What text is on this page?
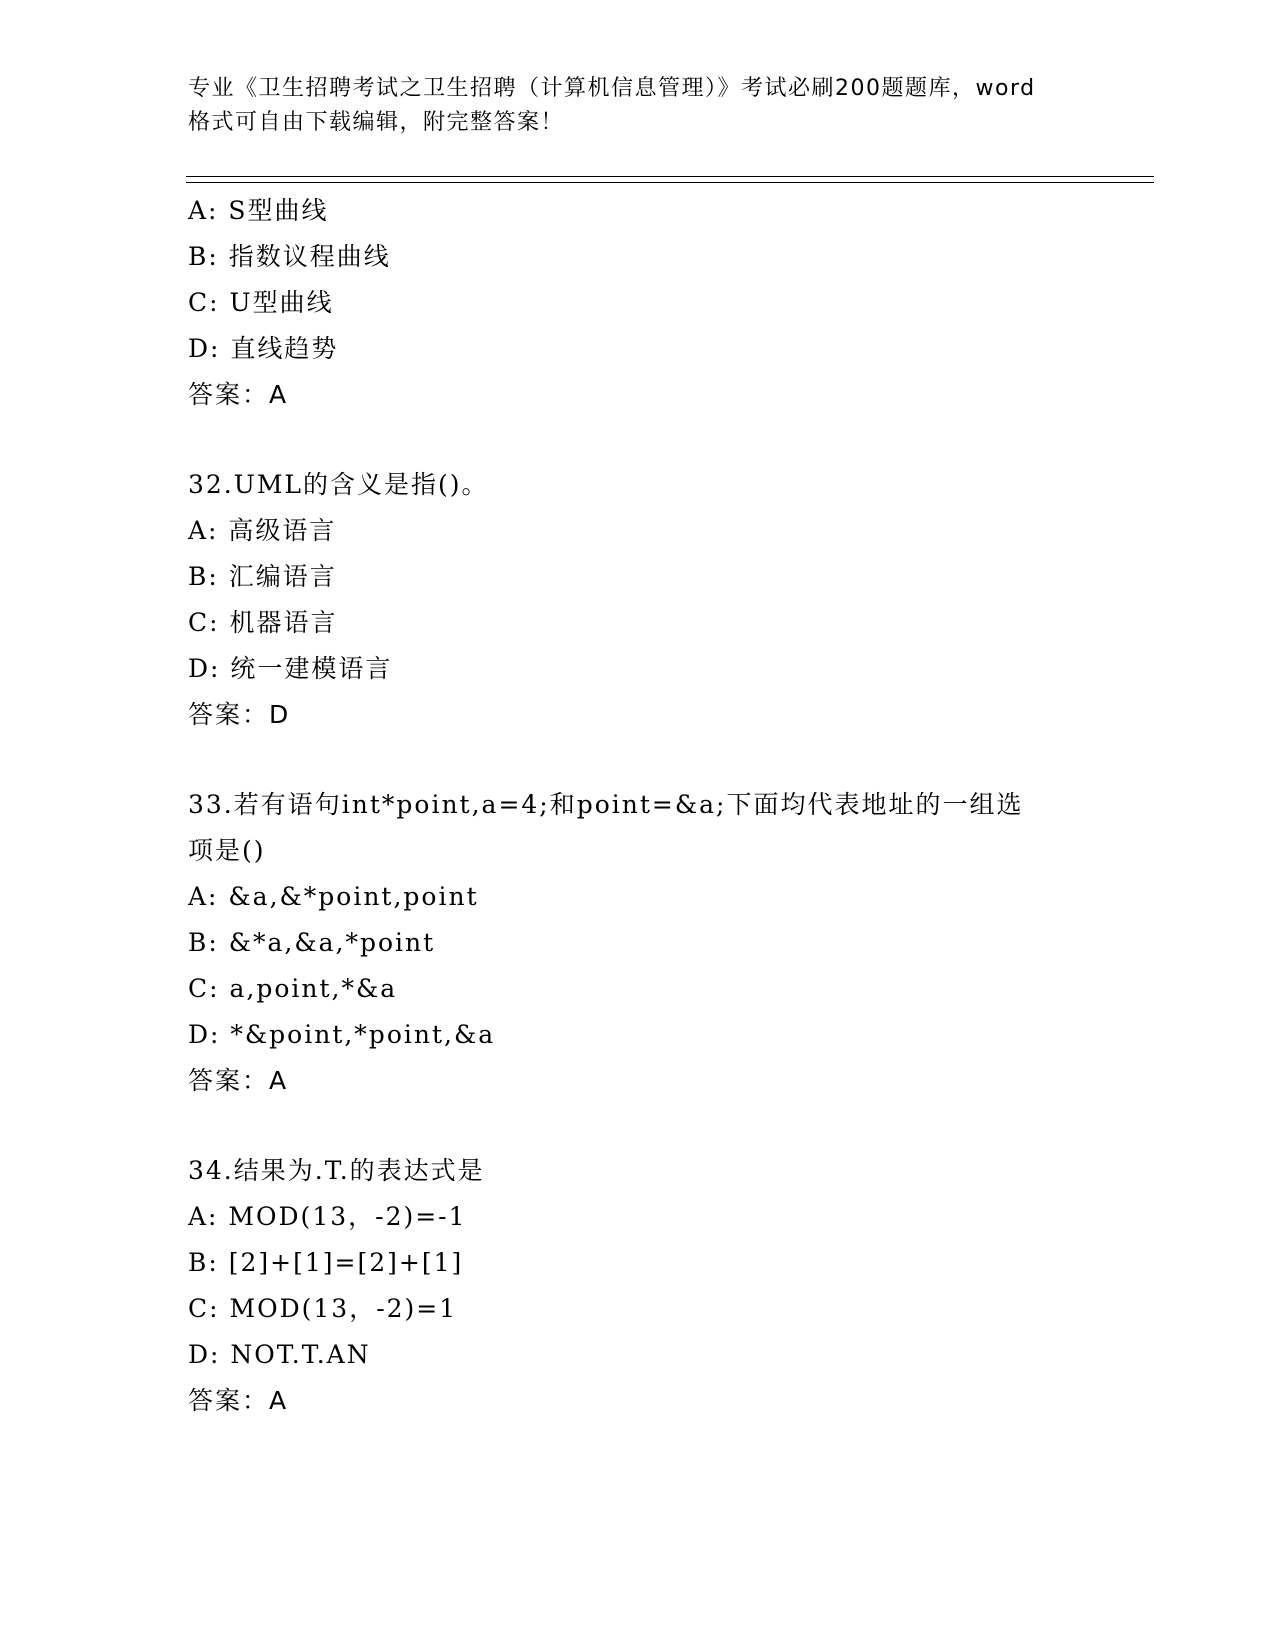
专业《卫生招聘考试之卫生招聘（计算机信息管理）》考试必刷200题题库，word
格式可自由下载编辑，附完整答案！
A: S型曲线
B: 指数议程曲线
C: U型曲线
D: 直线趋势
答案：A
32.UML的含义是指()。
A: 高级语言
B: 汇编语言
C: 机器语言
D: 统一建模语言
答案：D
33.若有语句int*point,a=4;和point=&a;下面均代表地址的一组选项是()
A: &a,&*point,point
B: &*a,&a,*point
C: a,point,*&a
D: *&point,*point,&a
答案：A
34.结果为.T.的表达式是
A: MOD(13，-2)=-1
B: [2]+[1]=[2]+[1]
C: MOD(13，-2)=1
D: NOT.T.AN
答案：A
